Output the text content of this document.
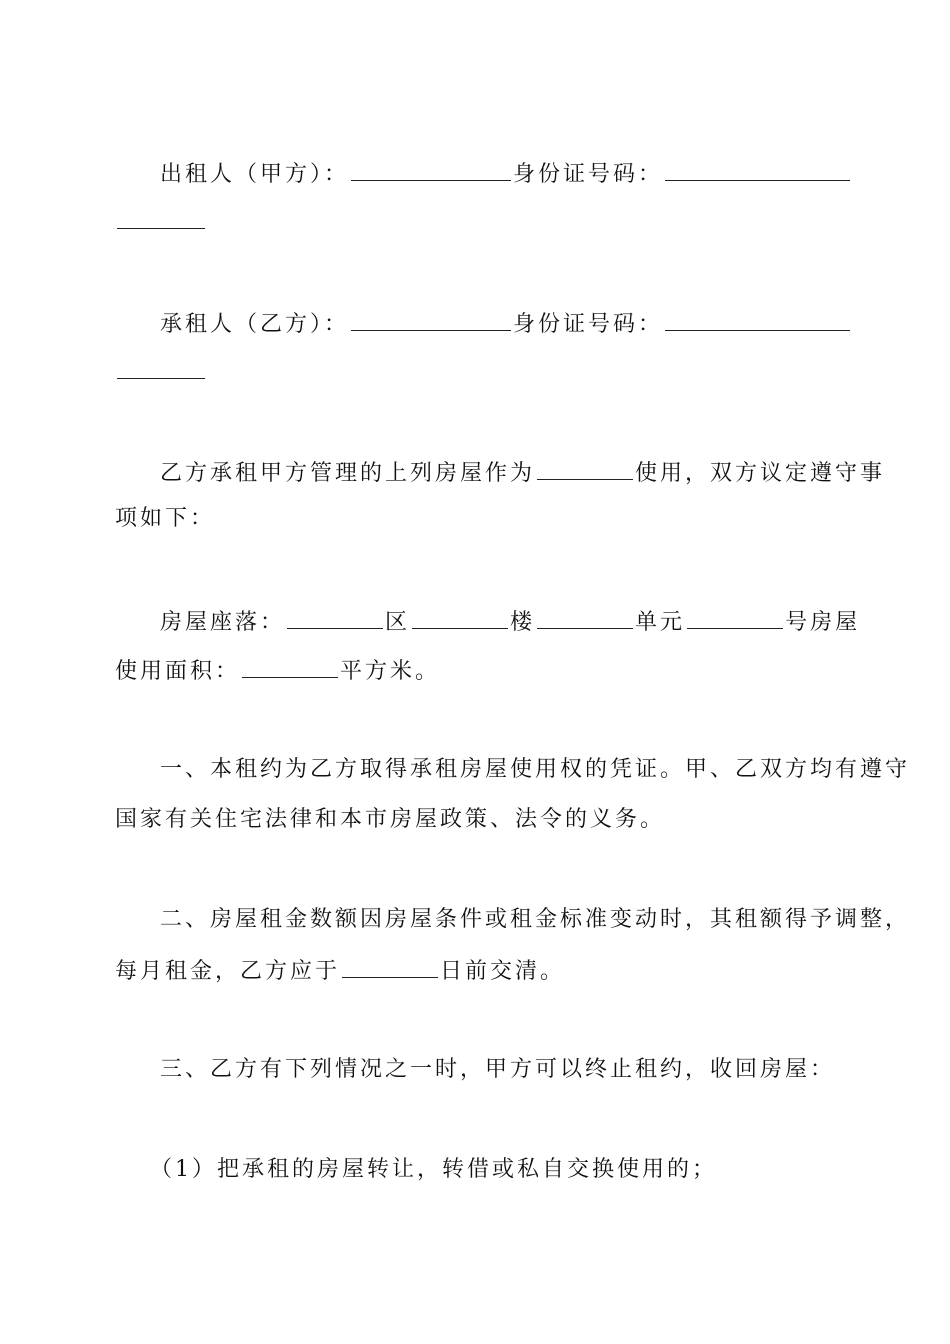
出租人（甲方）：	身份证号码：
承租人（乙方）：	身份证号码：
乙方承租甲方管理的上列房屋作为	使用，双方议定遵守事
项如下：
房屋座落：	区	楼	单元	号房屋
使用面积：	平方米。
一、本租约为乙方取得承租房屋使用权的凭证。甲、乙双方均有遵守
国家有关住宅法律和本市房屋政策、法令的义务。
二、房屋租金数额因房屋条件或租金标准变动时，其租额得予调整，
每月租金，乙方应于	日前交清。
三、乙方有下列情况之一时，甲方可以终止租约，收回房屋：
（1）把承租的房屋转让，转借或私自交换使用的；
